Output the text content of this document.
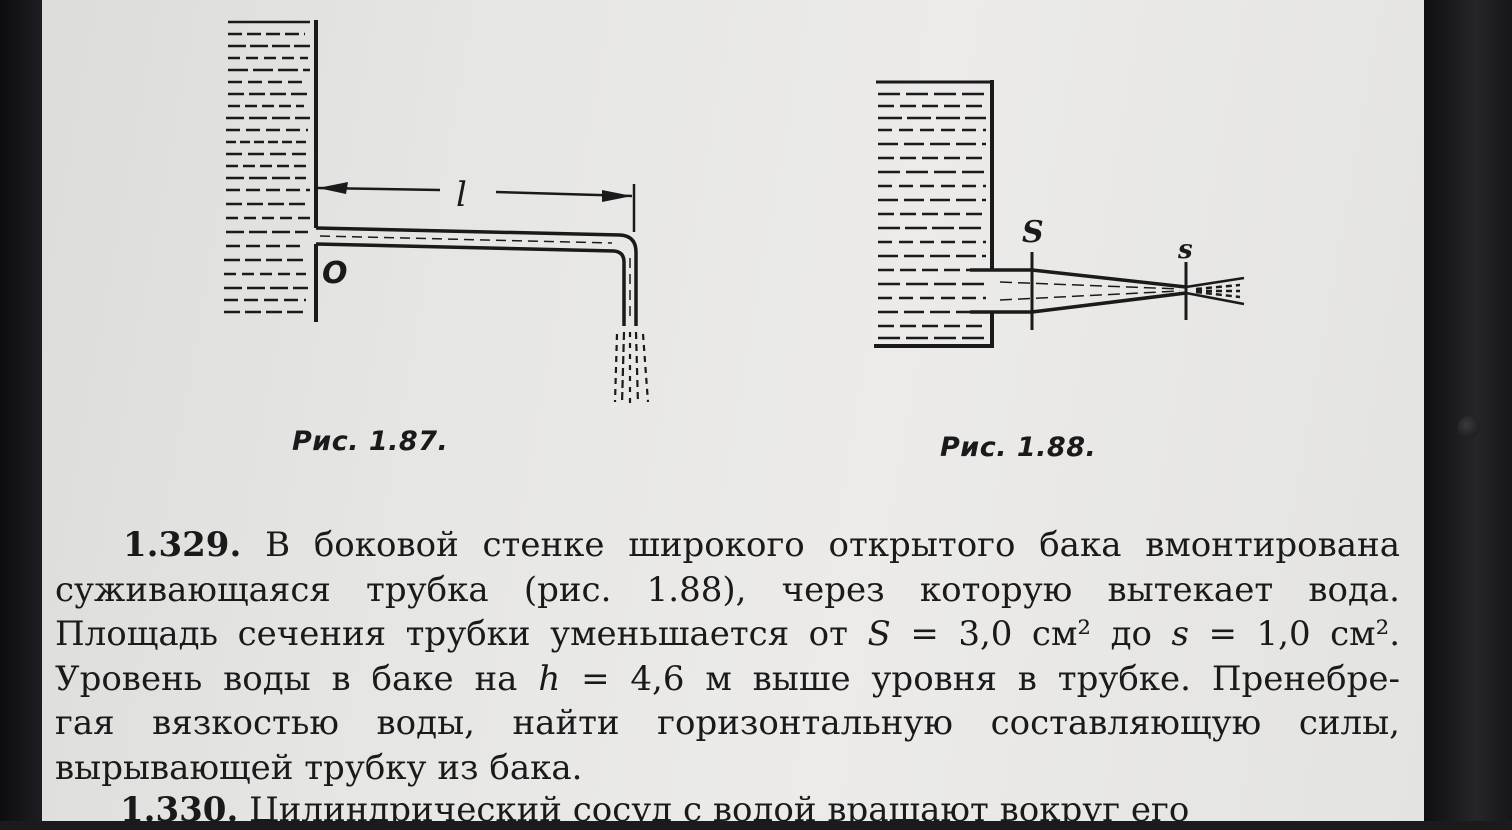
l
O
S	s
Рис. 1.87.	Рис. 1.88.
1.329. В боковой стенке широкого открытого бака вмонтирована
суживающаяся трубка (рис. 1.88), через которую вытекает вода.
Площадь сечения трубки уменьшается от S = 3,0 см² до s = 1,0 см².
Уровень воды в баке на h = 4,6 м выше уровня в трубке. Пренебре-
гая вязкостью воды, найти горизонтальную составляющую силы,
вырывающей трубку из бака.
1.330. Цилиндрический сосуд с водой вращают вокруг его
